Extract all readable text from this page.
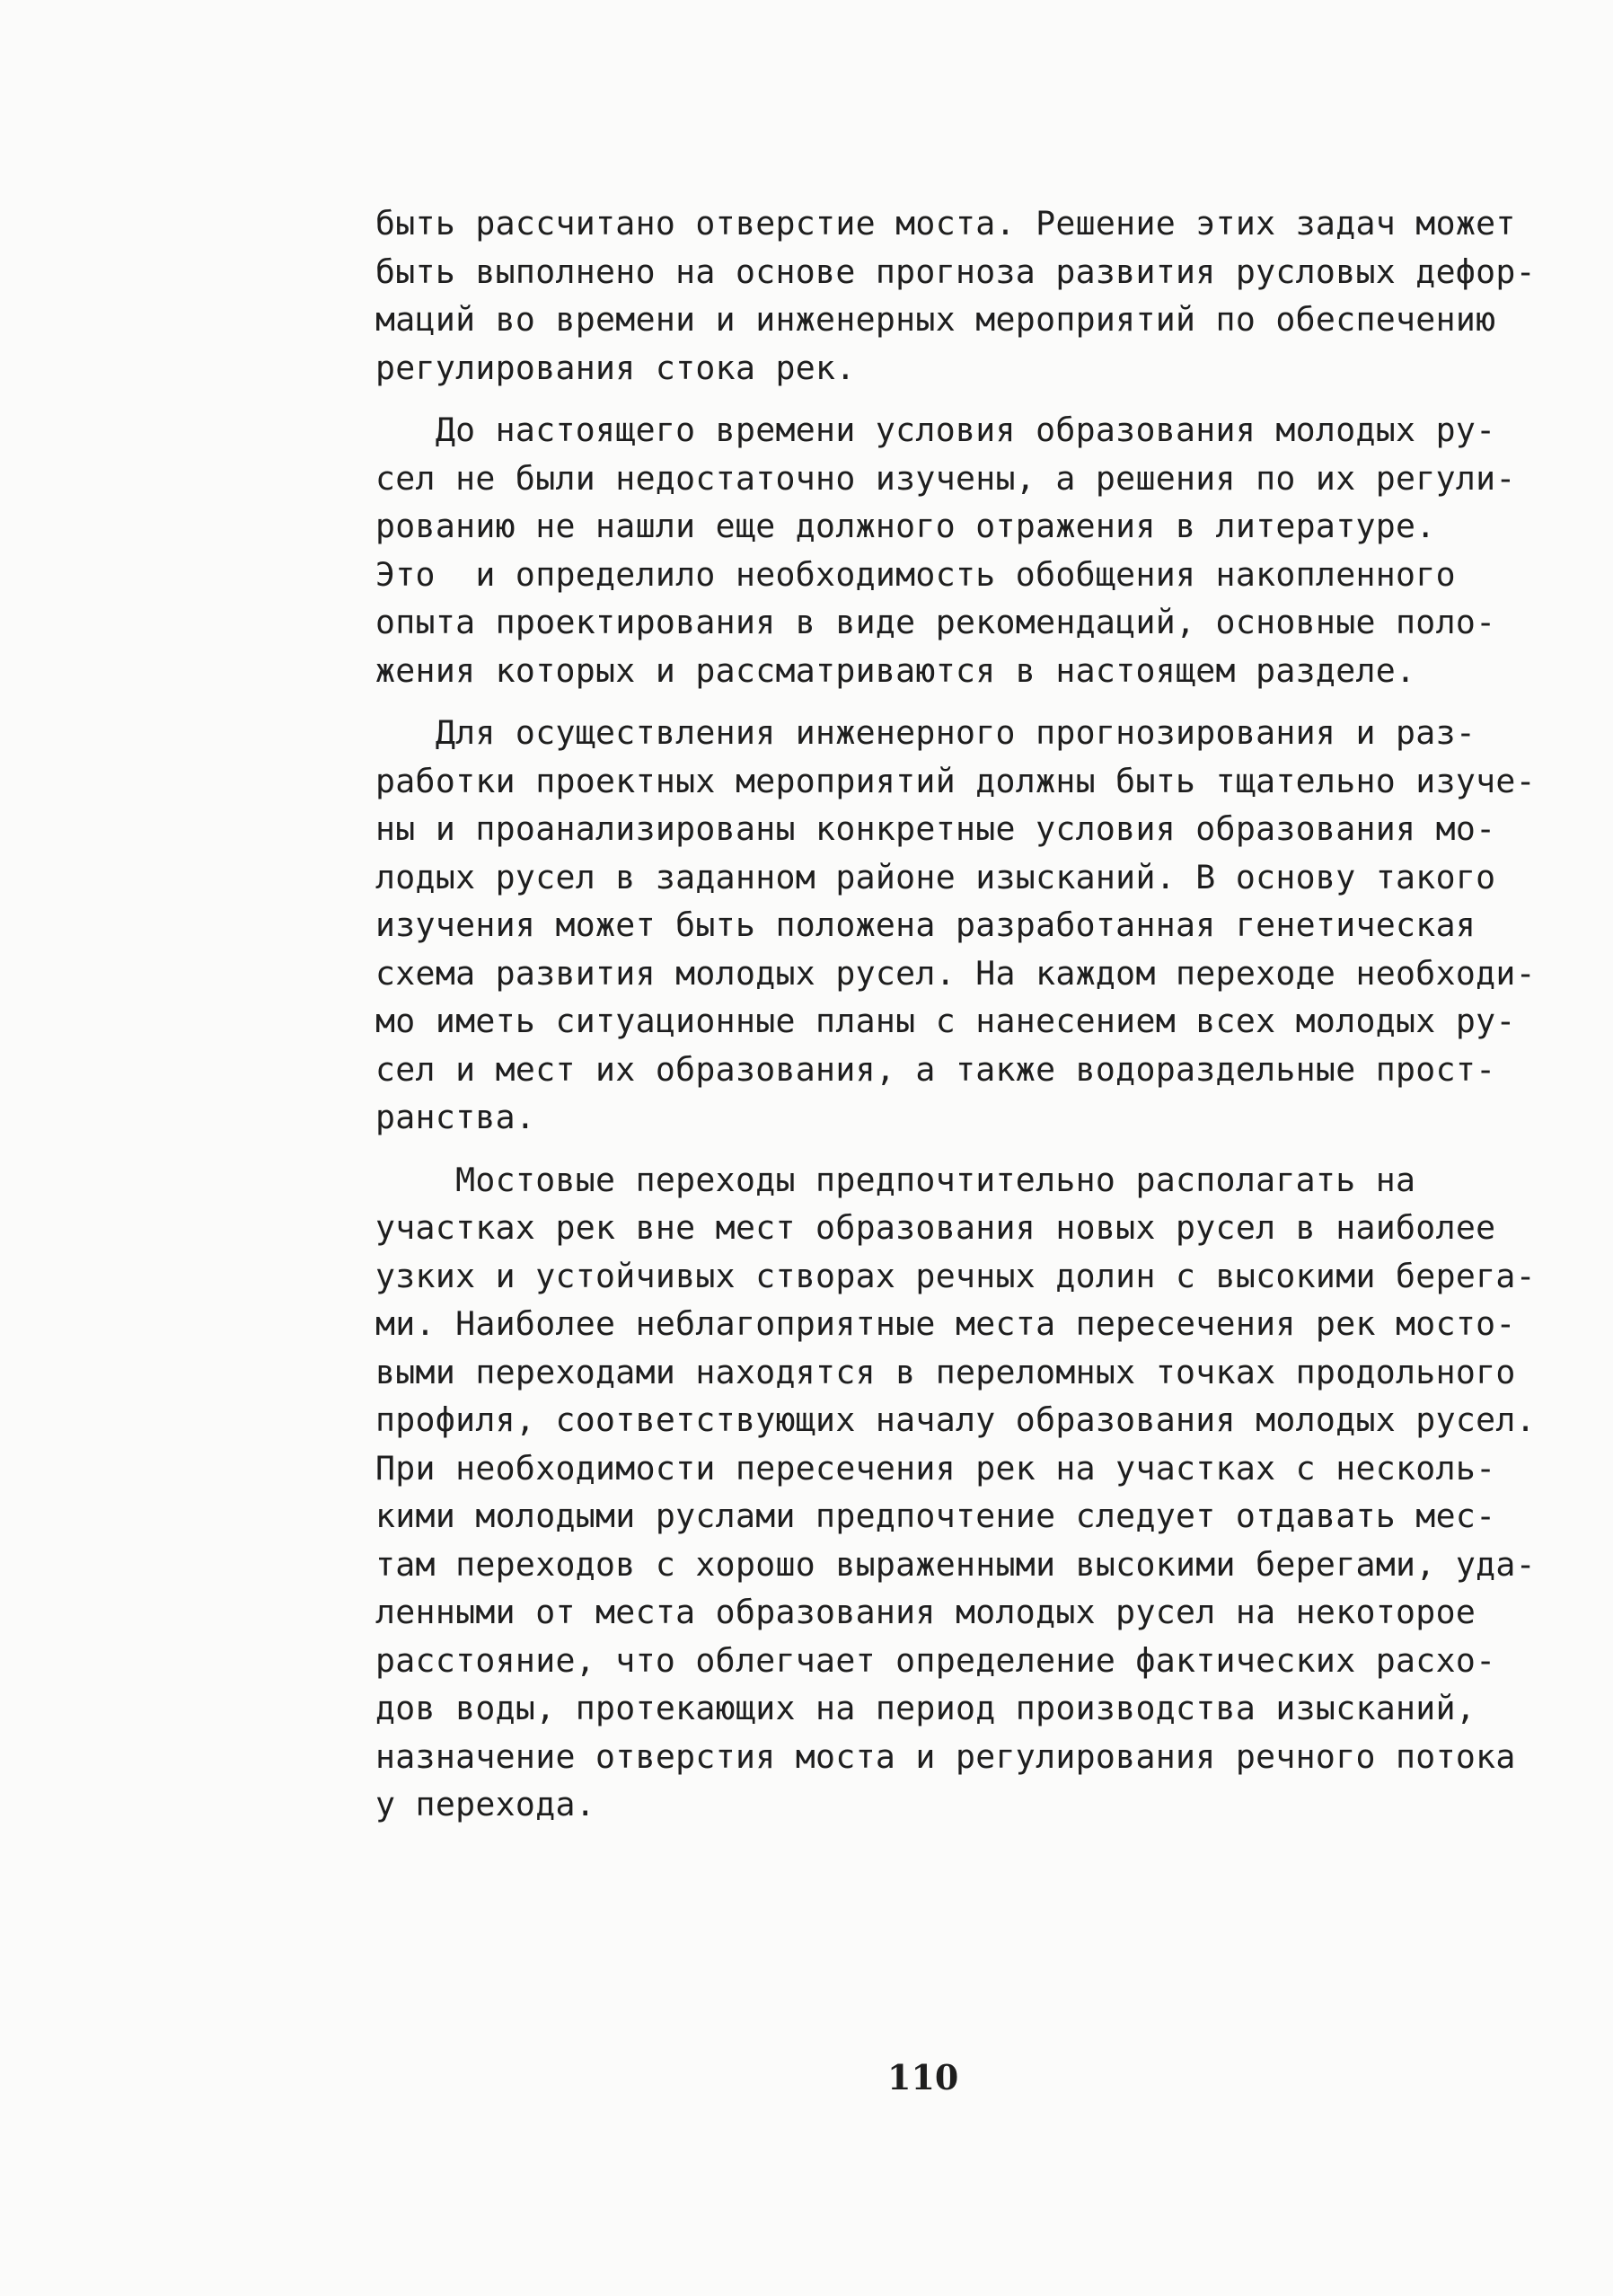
быть рассчитано отверстие моста. Решение этих задач может
быть выполнено на основе прогноза развития русловых дефор-
маций во времени и инженерных мероприятий по обеспечению
регулирования стока рек.
До настоящего времени условия образования молодых ру-
сел не были недостаточно изучены, а решения по их регули-
рованию не нашли еще должного отражения в литературе.
Это  и определило необходимость обобщения накопленного
опыта проектирования в виде рекомендаций, основные поло-
жения которых и рассматриваются в настоящем разделе.
Для осуществления инженерного прогнозирования и раз-
работки проектных мероприятий должны быть тщательно изуче-
ны и проанализированы конкретные условия образования мо-
лодых русел в заданном районе изысканий. В основу такого
изучения может быть положена разработанная генетическая
схема развития молодых русел. На каждом переходе необходи-
мо иметь ситуационные планы с нанесением всех молодых ру-
сел и мест их образования, а также водораздельные прост-
ранства.
Мостовые переходы предпочтительно располагать на
участках рек вне мест образования новых русел в наиболее
узких и устойчивых створах речных долин с высокими берега-
ми. Наиболее неблагоприятные места пересечения рек мосто-
выми переходами находятся в переломных точках продольного
профиля, соответствующих началу образования молодых русел.
При необходимости пересечения рек на участках с несколь-
кими молодыми руслами предпочтение следует отдавать мес-
там переходов с хорошо выраженными высокими берегами, уда-
ленными от места образования молодых русел на некоторое
расстояние, что облегчает определение фактических расхо-
дов воды, протекающих на период производства изысканий,
назначение отверстия моста и регулирования речного потока
у перехода.
110
